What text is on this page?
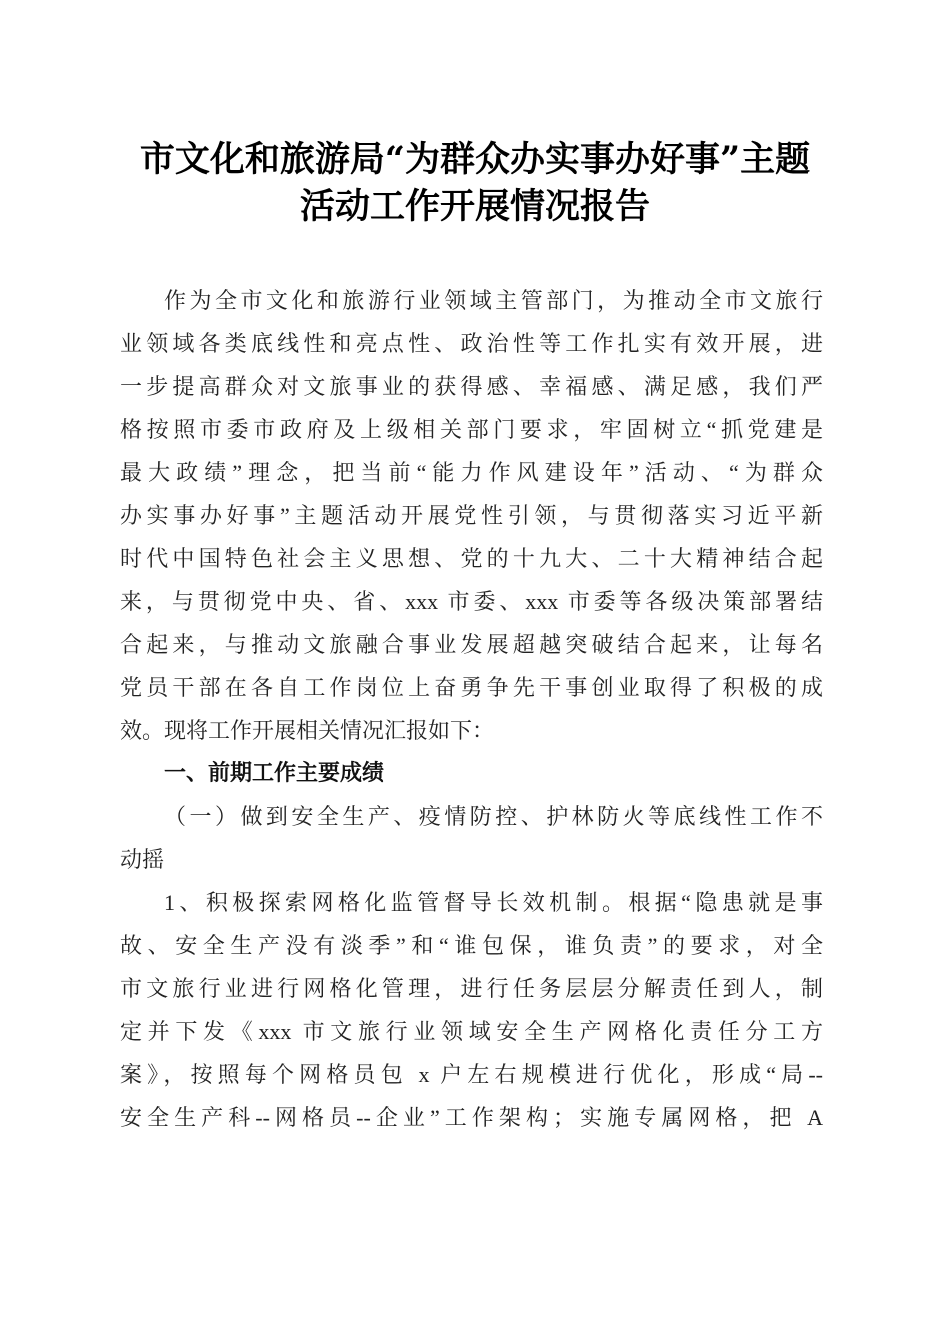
市文化和旅游局“为群众办实事办好事”主题
活动工作开展情况报告
作为全市文化和旅游行业领域主管部门，为推动全市文旅行
业领域各类底线性和亮点性、政治性等工作扎实有效开展，进
一步提高群众对文旅事业的获得感、幸福感、满足感，我们严
格按照市委市政府及上级相关部门要求，牢固树立“抓党建是
最大政绩”理念，把当前“能力作风建设年”活动、“为群众
办实事办好事”主题活动开展党性引领，与贯彻落实习近平新
时代中国特色社会主义思想、党的十九大、二十大精神结合起
来，与贯彻党中央、省、xxx 市委、xxx 市委等各级决策部署结
合起来，与推动文旅融合事业发展超越突破结合起来，让每名
党员干部在各自工作岗位上奋勇争先干事创业取得了积极的成
效。现将工作开展相关情况汇报如下：
一、前期工作主要成绩
（一）做到安全生产、疫情防控、护林防火等底线性工作不
动摇
1、积极探索网格化监管督导长效机制。根据“隐患就是事
故、安全生产没有淡季”和“谁包保，谁负责”的要求，对全
市文旅行业进行网格化管理，进行任务层层分解责任到人，制
定并下发《xxx 市文旅行业领域安全生产网格化责任分工方
案》，按照每个网格员包 x 户左右规模进行优化，形成“局--
安全生产科--网格员--企业”工作架构；实施专属网格，把 A
